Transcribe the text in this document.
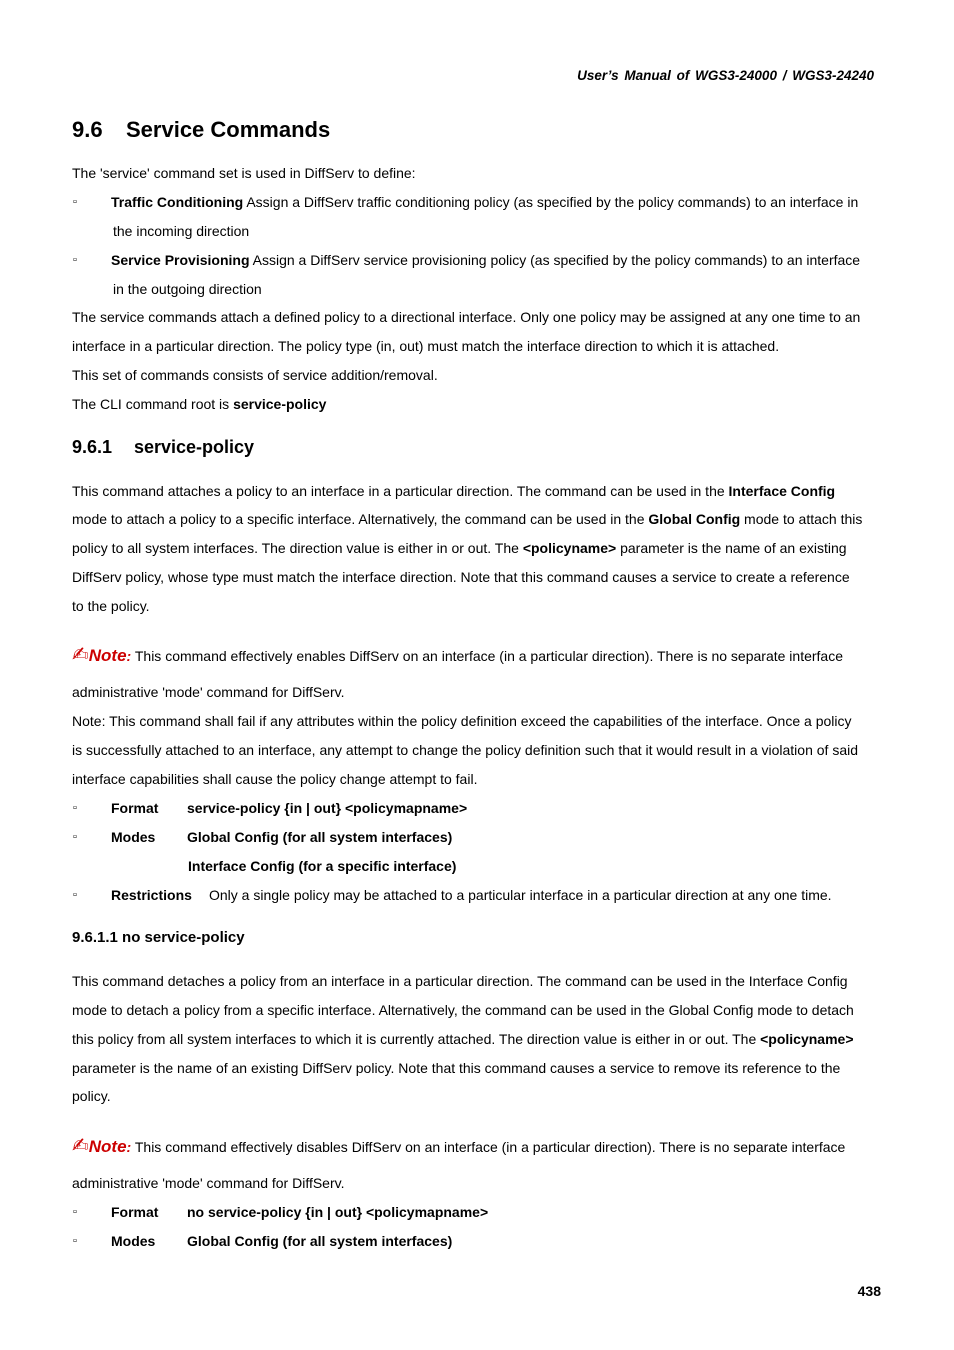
User’s Manual of WGS3-24000 / WGS3-24240
9.6 Service Commands
The 'service' command set is used in DiffServ to define:
▫ Traffic Conditioning Assign a DiffServ traffic conditioning policy (as specified by the policy commands) to an interface in
the incoming direction
▫ Service Provisioning Assign a DiffServ service provisioning policy (as specified by the policy commands) to an interface
in the outgoing direction
The service commands attach a defined policy to a directional interface. Only one policy may be assigned at any one time to an
interface in a particular direction. The policy type (in, out) must match the interface direction to which it is attached.
This set of commands consists of service addition/removal.
The CLI command root is service-policy
9.6.1 service-policy
This command attaches a policy to an interface in a particular direction. The command can be used in the Interface Config
mode to attach a policy to a specific interface. Alternatively, the command can be used in the Global Config mode to attach this
policy to all system interfaces. The direction value is either in or out. The <policyname> parameter is the name of an existing
DiffServ policy, whose type must match the interface direction. Note that this command causes a service to create a reference
to the policy.
✍Note: This command effectively enables DiffServ on an interface (in a particular direction). There is no separate interface
administrative 'mode' command for DiffServ.
Note: This command shall fail if any attributes within the policy definition exceed the capabilities of the interface. Once a policy
is successfully attached to an interface, any attempt to change the policy definition such that it would result in a violation of said
interface capabilities shall cause the policy change attempt to fail.
▫ Format service-policy {in | out} <policymapname>
▫ Modes Global Config (for all system interfaces)
Interface Config (for a specific interface)
▫ Restrictions Only a single policy may be attached to a particular interface in a particular direction at any one time.
9.6.1.1 no service-policy
This command detaches a policy from an interface in a particular direction. The command can be used in the Interface Config
mode to detach a policy from a specific interface. Alternatively, the command can be used in the Global Config mode to detach
this policy from all system interfaces to which it is currently attached. The direction value is either in or out. The <policyname>
parameter is the name of an existing DiffServ policy. Note that this command causes a service to remove its reference to the
policy.
✍Note: This command effectively disables DiffServ on an interface (in a particular direction). There is no separate interface
administrative 'mode' command for DiffServ.
▫ Format no service-policy {in | out} <policymapname>
▫ Modes Global Config (for all system interfaces)
438
